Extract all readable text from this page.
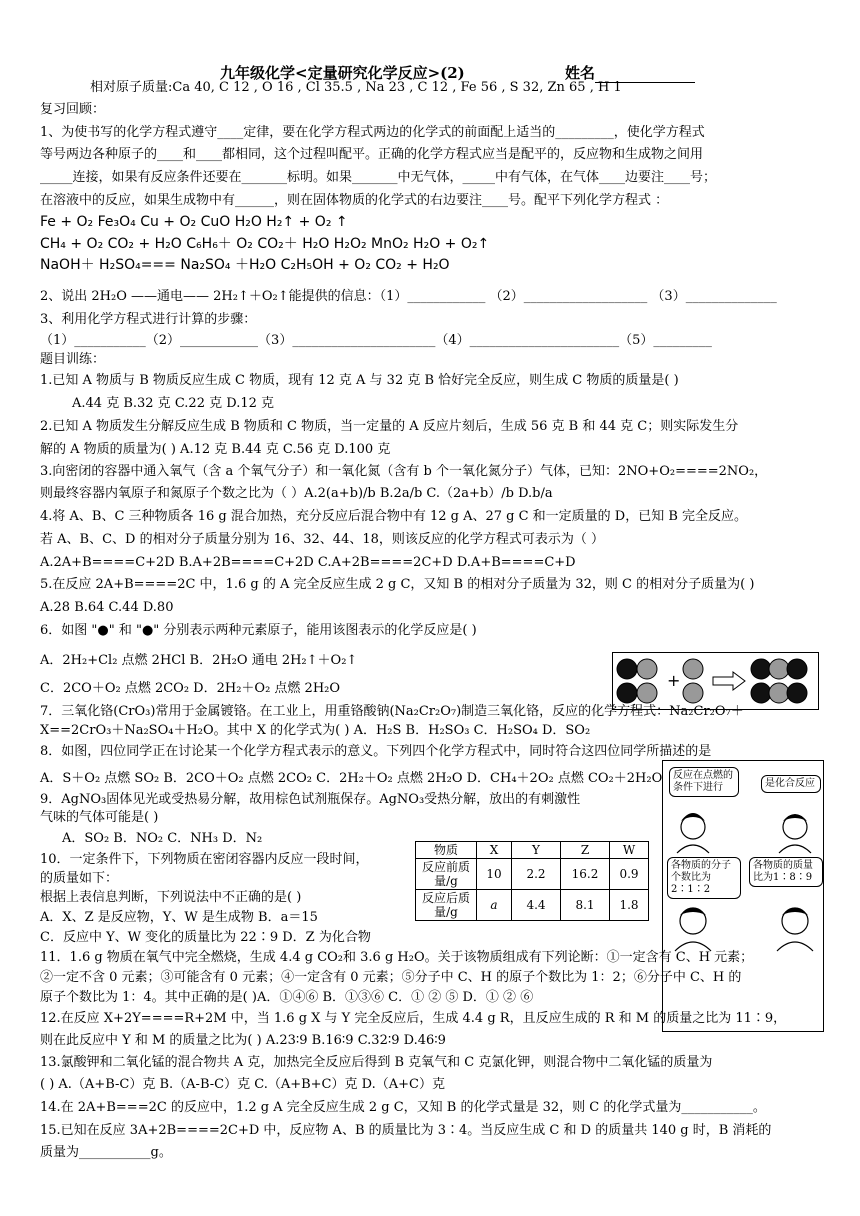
九年级化学<定量研究化学反应>(2)	姓名
相对原子质量:Ca 40, C 12 , O 16 , Cl 35.5 , Na 23 , C 12 , Fe 56 , S 32, Zn 65 , H 1
复习回顾：
1、为使书写的化学方程式遵守____定律，要在化学方程式两边的化学式的前面配上适当的_________，使化学方程式
等号两边各种原子的____和____都相同，这个过程叫配平。正确的化学方程式应当是配平的，反应物和生成物之间用
_____连接，如果有反应条件还要在_______标明。如果_______中无气体，_____中有气体，在气体____边要注____号；
在溶液中的反应，如果生成物中有______，则在固体物质的化学式的右边要注____号。配平下列化学方程式 ：
Fe + O₂ Fe₃O₄ Cu + O₂ CuO H₂O H₂↑ + O₂ ↑
CH₄ + O₂ CO₂ + H₂O C₆H₆＋ O₂ CO₂＋ H₂O H₂O₂ MnO₂ H₂O + O₂↑
NaOH＋ H₂SO₄=== Na₂SO₄ ＋H₂O C₂H₅OH + O₂ CO₂ + H₂O
2、说出 2H₂O ——通电—— 2H₂↑＋O₂↑能提供的信息：（1）____________ （2）___________________ （3）______________
3、利用化学方程式进行计算的步骤：
（1）___________（2）____________（3）______________________（4）_______________________（5）_________
题目训练：
1.已知 A 物质与 B 物质反应生成 C 物质，现有 12 克 A 与 32 克 B 恰好完全反应，则生成 C 物质的质量是( )
A.44 克 B.32 克 C.22 克 D.12 克
2.已知 A 物质发生分解反应生成 B 物质和 C 物质，当一定量的 A 反应片刻后，生成 56 克 B 和 44 克 C；则实际发生分
解的 A 物质的质量为( ) A.12 克 B.44 克 C.56 克 D.100 克
3.向密闭的容器中通入氧气（含 a 个氧气分子）和一氧化氮（含有 b 个一氧化氮分子）气体，已知：2NO+O₂====2NO₂，
则最终容器内氧原子和氮原子个数之比为（ ）A.2(a+b)/b B.2a/b C.（2a+b）/b D.b/a
4.将 A、B、C 三种物质各 16 g 混合加热，充分反应后混合物中有 12 g A、27 g C 和一定质量的 D，已知 B 完全反应。
若 A、B、C、D 的相对分子质量分别为 16、32、44、18，则该反应的化学方程式可表示为（ ）
A.2A+B====C+2D B.A+2B====C+2D C.A+2B====2C+D D.A+B====C+D
5.在反应 2A+B====2C 中，1.6 g 的 A 完全反应生成 2 g C，又知 B 的相对分子质量为 32，则 C 的相对分子质量为( )
A.28 B.64 C.44 D.80
6．如图 "●" 和 "●" 分别表示两种元素原子，能用该图表示的化学反应是( )
A．2H₂+Cl₂ 点燃 2HCl B．2H₂O 通电 2H₂↑＋O₂↑
C．2CO＋O₂ 点燃 2CO₂ D．2H₂＋O₂ 点燃 2H₂O
7．三氧化铬(CrO₃)常用于金属镀铬。在工业上，用重铬酸钠(Na₂Cr₂O₇)制造三氧化铬，反应的化学方程式：Na₂Cr₂O₇＋
X==2CrO₃＋Na₂SO₄＋H₂O。其中 X 的化学式为( ) A．H₂S B．H₂SO₃ C．H₂SO₄ D．SO₂
8．如图，四位同学正在讨论某一个化学方程式表示的意义。下列四个化学方程式中，同时符合这四位同学所描述的是
A．S＋O₂ 点燃 SO₂ B．2CO＋O₂ 点燃 2CO₂ C．2H₂＋O₂ 点燃 2H₂O D．CH₄＋2O₂ 点燃 CO₂＋2H₂O
9．AgNO₃固体见光或受热易分解，故用棕色试剂瓶保存。AgNO₃受热分解，放出的有刺激性
气味的气体可能是( )
A．SO₂ B．NO₂ C．NH₃ D．N₂
10．一定条件下，下列物质在密闭容器内反应一段时间，
的质量如下：
根据上表信息判断，下列说法中不正确的是( )
A．X、Z 是反应物，Y、W 是生成物 B．a＝15
C．反应中 Y、W 变化的质量比为 22∶9 D．Z 为化合物
11．1.6 g 物质在氧气中完全燃烧，生成 4.4 g CO₂和 3.6 g H₂O。关于该物质组成有下列论断：①一定含有 C、H 元素；
②一定不含 0 元素；③可能含有 0 元素；④一定含有 0 元素；⑤分子中 C、H 的原子个数比为 1：2；⑥分子中 C、H 的
原子个数比为 1：4。其中正确的是( )A．①④⑥ B．①③⑥ C．① ② ⑤ D．① ② ⑥
12.在反应 X+2Y====R+2M 中，当 1.6 g X 与 Y 完全反应后，生成 4.4 g R，且反应生成的 R 和 M 的质量之比为 11∶9，
则在此反应中 Y 和 M 的质量之比为( ) A.23∶9 B.16∶9 C.32∶9 D.46∶9
13.氯酸钾和二氧化锰的混合物共 A 克，加热完全反应后得到 B 克氧气和 C 克氯化钾，则混合物中二氧化锰的质量为
( ) A.（A+B-C）克 B.（A-B-C）克 C.（A+B+C）克 D.（A+C）克
14.在 2A+B===2C 的反应中，1.2 g A 完全反应生成 2 g C，又知 B 的化学式量是 32，则 C 的化学式量为___________。
15.已知在反应 3A+2B====2C+D 中，反应物 A、B 的质量比为 3∶4。当反应生成 C 和 D 的质量共 140 g 时，B 消耗的
质量为___________g。
物质	X	Y	Z	W
反应前质量/g	10	2.2	16.2	0.9
反应后质量/g	a	4.4	8.1	1.8
+
反应在点燃的条件下进行	是化合反应
各物质的分子个数比为2∶1∶2
各物质的质量比为1∶8∶9
